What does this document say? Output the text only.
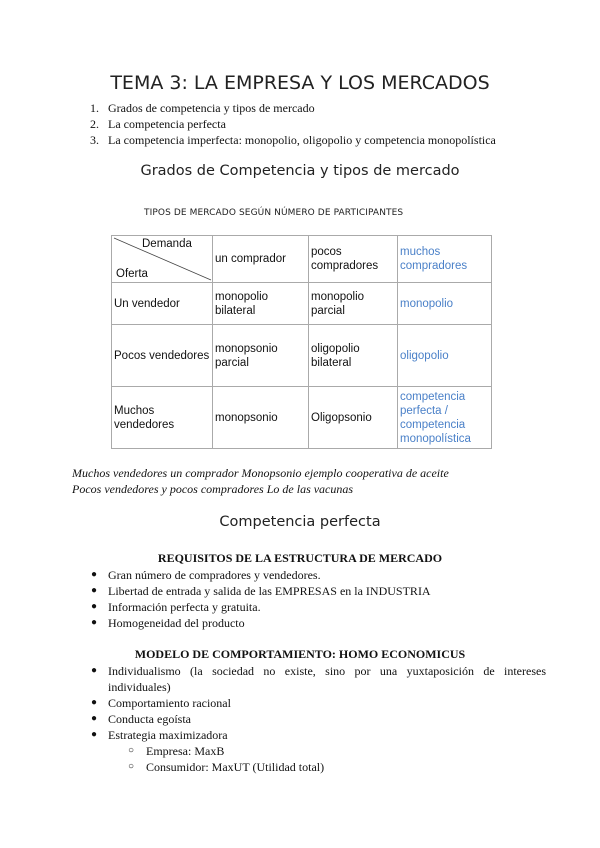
TEMA 3: LA EMPRESA Y LOS MERCADOS
1. Grados de competencia y tipos de mercado
2. La competencia perfecta
3. La competencia imperfecta: monopolio, oligopolio y competencia monopolística
Grados de Competencia y tipos de mercado
TIPOS DE MERCADO SEGÚN NÚMERO DE PARTICIPANTES
Demanda
Oferta	un comprador	pocos compradores	muchos compradores
Un vendedor	monopolio bilateral	monopolio parcial	monopolio
Pocos vendedores	monopsonio parcial	oligopolio bilateral	oligopolio
Muchos vendedores	monopsonio	Oligopsonio	competencia perfecta / competencia monopolística
Muchos vendedores un comprador Monopsonio ejemplo cooperativa de aceite
Pocos vendedores y pocos compradores Lo de las vacunas
Competencia perfecta
REQUISITOS DE LA ESTRUCTURA DE MERCADO
● Gran número de compradores y vendedores.
● Libertad de entrada y salida de las EMPRESAS en la INDUSTRIA
● Información perfecta y gratuita.
● Homogeneidad del producto
MODELO DE COMPORTAMIENTO: HOMO ECONOMICUS
● Individualismo (la sociedad no existe, sino por una yuxtaposición de intereses individuales)
● Comportamiento racional
● Conducta egoísta
● Estrategia maximizadora
○ Empresa: MaxB
○ Consumidor: MaxUT (Utilidad total)
